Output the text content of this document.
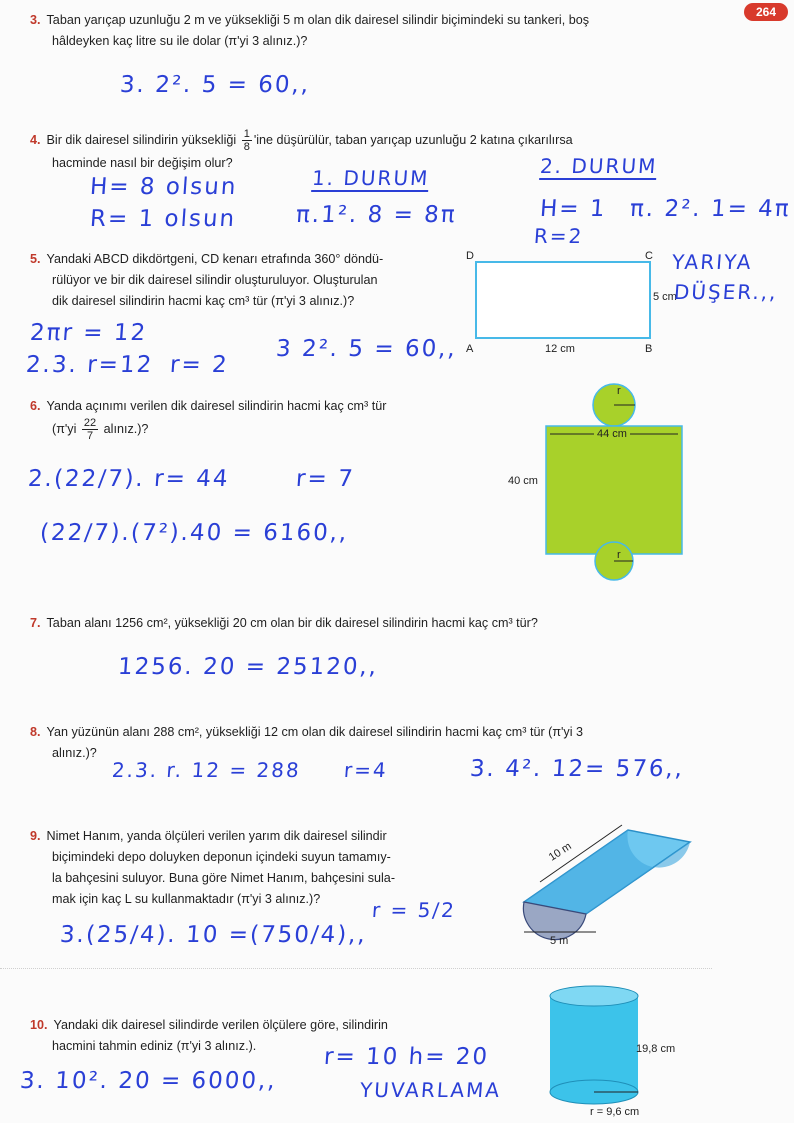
264
3. Taban yarıçap uzunluğu 2 m ve yüksekliği 5 m olan dik dairesel silindir biçimindeki su tankeri, boş
hâldeyken kaç litre su ile dolar (π'yi 3 alınız.)?
3. 2². 5 = 60,,
4. Bir dik dairesel silindirin yüksekliği $\frac{1}{8}$ 'ine düşürülür, taban yarıçap uzunluğu 2 katına çıkarılırsa
hacminde nasıl bir değişim olur?
H= 8 olsun
R= 1 olsun
1. DURUM
π.1². 8 = 8π
2. DURUM
H= 1 π. 2². 1= 4π
R=2
5. Yandaki ABCD dikdörtgeni, CD kenarı etrafında 360° döndü-
rülüyor ve bir dik dairesel silindir oluşturuluyor. Oluşturulan
dik dairesel silindirin hacmi kaç cm³ tür (π'yi 3 alınız.)?
D	C
A	B
5 cm
12 cm
2πr = 12
2.3. r=12 r= 2
3 2². 5 = 60,,
YARIYA
DÜŞER.,,
6. Yanda açınımı verilen dik dairesel silindirin hacmi kaç cm³ tür
($\pi'yi \frac{22}{7}$ alınız.)?
r
44 cm
40 cm
r
2.(22/7). r= 44	r= 7
(22/7).(7²).40 = 6160,,
7. Taban alanı 1256 cm², yüksekliği 20 cm olan bir dik dairesel silindirin hacmi kaç cm³ tür?
1256. 20 = 25120,,
8. Yan yüzünün alanı 288 cm², yüksekliği 12 cm olan dik dairesel silindirin hacmi kaç cm³ tür (π'yi 3
alınız.)?
2.3. r. 12 = 288 r=4	3. 4². 12= 576,,
9. Nimet Hanım, yanda ölçüleri verilen yarım dik dairesel silindir
biçimindeki depo doluyken deponun içindeki suyun tamamıy-
la bahçesini suluyor. Buna göre Nimet Hanım, bahçesini sula-
mak için kaç L su kullanmaktadır (π'yi 3 alınız.)?
10 m
5 m
r = 5/2
3.(25/4). 10 =(750/4),,
10. Yandaki dik dairesel silindirde verilen ölçülere göre, silindirin
hacmini tahmin ediniz (π'yi 3 alınız.).	19,8 cm
r = 9,6 cm
r= 10 h= 20
3. 10². 20 = 6000,,	YUVARLAMA
